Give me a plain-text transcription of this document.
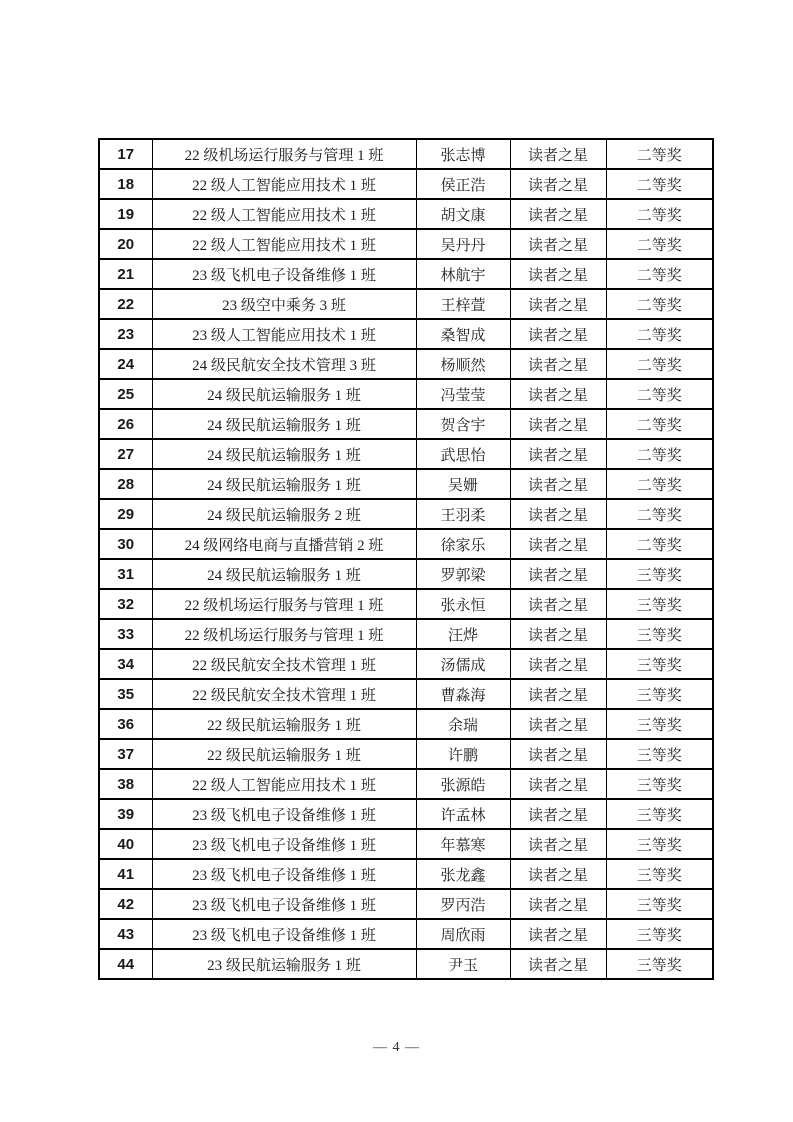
17	22 级机场运行服务与管理 1 班	张志博	读者之星	二等奖
18	22 级人工智能应用技术 1 班	侯正浩	读者之星	二等奖
19	22 级人工智能应用技术 1 班	胡文康	读者之星	二等奖
20	22 级人工智能应用技术 1 班	吴丹丹	读者之星	二等奖
21	23 级飞机电子设备维修 1 班	林航宇	读者之星	二等奖
22	23 级空中乘务 3 班	王梓萱	读者之星	二等奖
23	23 级人工智能应用技术 1 班	桑智成	读者之星	二等奖
24	24 级民航安全技术管理 3 班	杨顺然	读者之星	二等奖
25	24 级民航运输服务 1 班	冯莹莹	读者之星	二等奖
26	24 级民航运输服务 1 班	贺含宇	读者之星	二等奖
27	24 级民航运输服务 1 班	武思怡	读者之星	二等奖
28	24 级民航运输服务 1 班	吴姗	读者之星	二等奖
29	24 级民航运输服务 2 班	王羽柔	读者之星	二等奖
30	24 级网络电商与直播营销 2 班	徐家乐	读者之星	二等奖
31	24 级民航运输服务 1 班	罗郭梁	读者之星	三等奖
32	22 级机场运行服务与管理 1 班	张永恒	读者之星	三等奖
33	22 级机场运行服务与管理 1 班	汪烨	读者之星	三等奖
34	22 级民航安全技术管理 1 班	汤儒成	读者之星	三等奖
35	22 级民航安全技术管理 1 班	曹淼海	读者之星	三等奖
36	22 级民航运输服务 1 班	余瑞	读者之星	三等奖
37	22 级民航运输服务 1 班	许鹏	读者之星	三等奖
38	22 级人工智能应用技术 1 班	张源皓	读者之星	三等奖
39	23 级飞机电子设备维修 1 班	许孟林	读者之星	三等奖
40	23 级飞机电子设备维修 1 班	年慕寒	读者之星	三等奖
41	23 级飞机电子设备维修 1 班	张龙鑫	读者之星	三等奖
42	23 级飞机电子设备维修 1 班	罗丙浩	读者之星	三等奖
43	23 级飞机电子设备维修 1 班	周欣雨	读者之星	三等奖
44	23 级民航运输服务 1 班	尹玉	读者之星	三等奖
— 4 —
